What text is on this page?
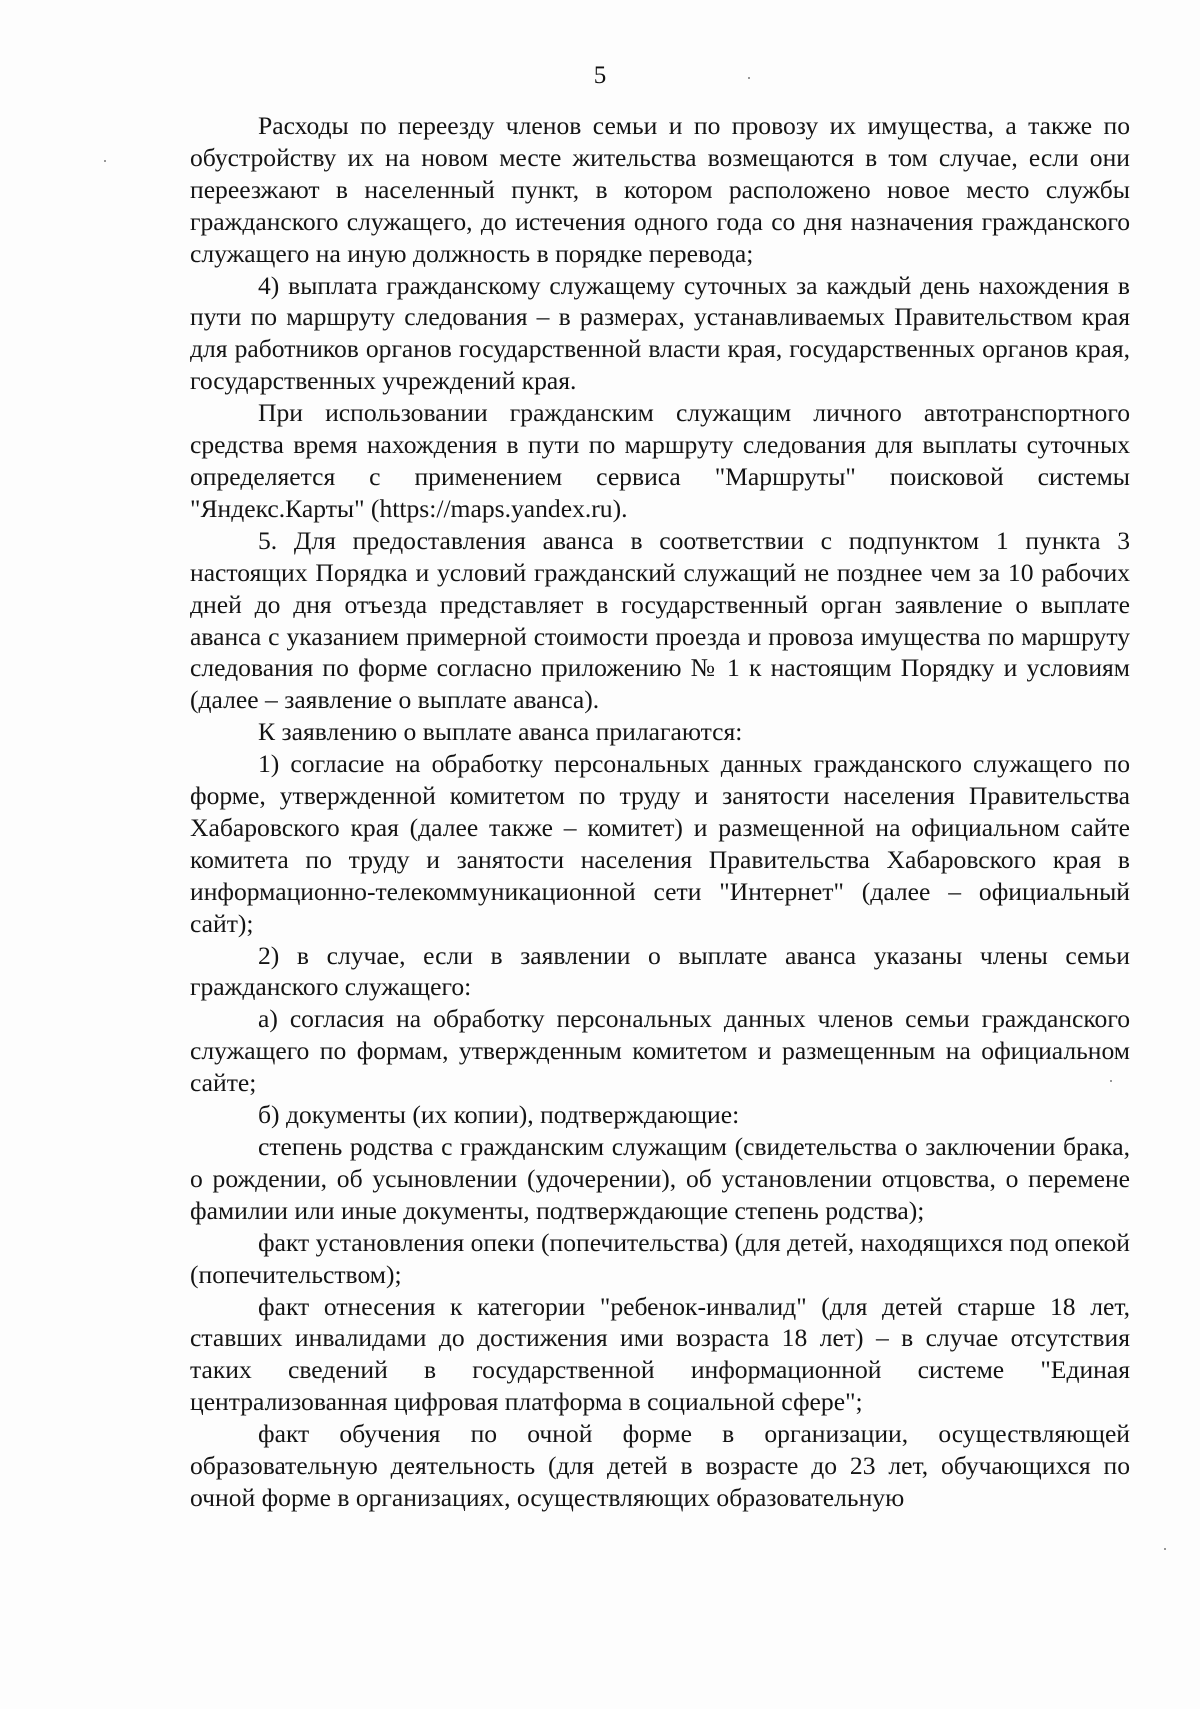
5

Расходы по переезду членов семьи и по провозу их имущества, а также по обустройству их на новом месте жительства возмещаются в том случае, если они переезжают в населенный пункт, в котором расположено новое место службы гражданского служащего, до истечения одного года со дня назначения гражданского служащего на иную должность в порядке перевода;

4) выплата гражданскому служащему суточных за каждый день нахождения в пути по маршруту следования – в размерах, устанавливаемых Правительством края для работников органов государственной власти края, государственных органов края, государственных учреждений края.

При использовании гражданским служащим личного автотранспортного средства время нахождения в пути по маршруту следования для выплаты суточных определяется с применением сервиса "Маршруты" поисковой системы "Яндекс.Карты" (https://maps.yandex.ru).

5. Для предоставления аванса в соответствии с подпунктом 1 пункта 3 настоящих Порядка и условий гражданский служащий не позднее чем за 10 рабочих дней до дня отъезда представляет в государственный орган заявление о выплате аванса с указанием примерной стоимости проезда и провоза имущества по маршруту следования по форме согласно приложению № 1 к настоящим Порядку и условиям (далее – заявление о выплате аванса).

К заявлению о выплате аванса прилагаются:

1) согласие на обработку персональных данных гражданского служащего по форме, утвержденной комитетом по труду и занятости населения Правительства Хабаровского края (далее также – комитет) и размещенной на официальном сайте комитета по труду и занятости населения Правительства Хабаровского края в информационно-телекоммуникационной сети "Интернет" (далее – официальный сайт);

2) в случае, если в заявлении о выплате аванса указаны члены семьи гражданского служащего:

а) согласия на обработку персональных данных членов семьи гражданского служащего по формам, утвержденным комитетом и размещенным на официальном сайте;

б) документы (их копии), подтверждающие:

степень родства с гражданским служащим (свидетельства о заключении брака, о рождении, об усыновлении (удочерении), об установлении отцовства, о перемене фамилии или иные документы, подтверждающие степень родства);

факт установления опеки (попечительства) (для детей, находящихся под опекой (попечительством);

факт отнесения к категории "ребенок-инвалид" (для детей старше 18 лет, ставших инвалидами до достижения ими возраста 18 лет) – в случае отсутствия таких сведений в государственной информационной системе "Единая централизованная цифровая платформа в социальной сфере";

факт обучения по очной форме в организации, осуществляющей образовательную деятельность (для детей в возрасте до 23 лет, обучающихся по очной форме в организациях, осуществляющих образовательную
